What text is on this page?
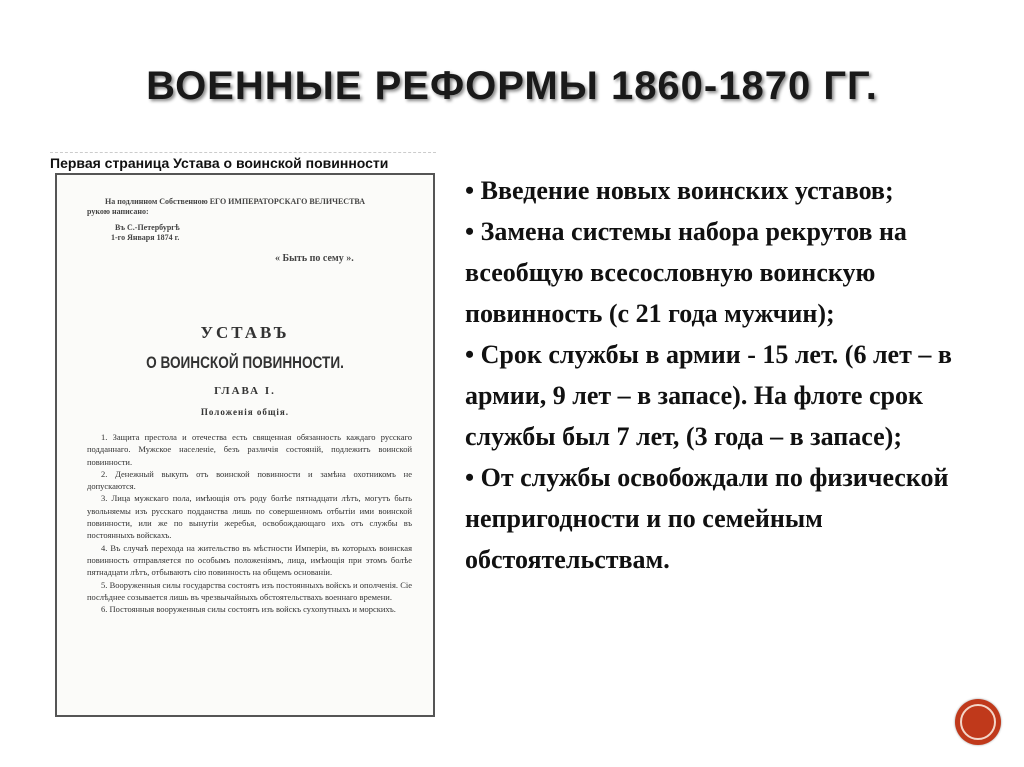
ВОЕННЫЕ РЕФОРМЫ 1860-1870 ГГ.
Первая страница Устава о воинской повинности
На подлинном Собственною ЕГО ИМПЕРАТОРСКАГО ВЕЛИЧЕСТВА
рукою написано:
Въ С.-Петербургѣ
1-го Января 1874 г.
« Быть по сему ».
УСТАВЪ
О ВОИНСКОЙ ПОВИННОСТИ.
ГЛАВА I.
Положенія общія.

1. Защита престола и отечества есть священная обязанность каждаго русскаго подданнаго. Мужское населеніе, безъ различія состояній, подлежитъ воинской повинности.

2. Денежный выкупъ отъ воинской повинности и замѣна охотникомъ не допускаются.

3. Лица мужскаго пола, имѣющія отъ роду болѣе пятнадцати лѣтъ, могутъ быть увольняемы изъ русскаго подданства лишь по совершенномъ отбытіи ими воинской повинности, или же по вынутіи жеребья, освобождающаго ихъ отъ службы въ постоянныхъ войскахъ.

4. Въ случаѣ перехода на жительство въ мѣстности Имперіи, въ которыхъ воинская повинность отправляется по особымъ положеніямъ, лица, имѣющія при этомъ болѣе пятнадцати лѣтъ, отбываютъ сію повинность на общемъ основаніи.

5. Вооруженныя силы государства состоятъ изъ постоянныхъ войскъ и ополченія. Сіе послѣднее созывается лишь въ чрезвычайныхъ обстоятельствахъ военнаго времени.

6. Постоянныя вооруженныя силы состоятъ изъ войскъ сухопутныхъ и морскихъ.

• Введение новых воинских уставов;
• Замена системы набора рекрутов на всеобщую всесословную воинскую повинность (с 21 года мужчин);
• Срок службы в армии - 15 лет. (6 лет – в армии, 9 лет – в запасе). На флоте срок службы был 7 лет, (3 года – в запасе);
• От службы освобождали по физической непригодности и по семейным обстоятельствам.
